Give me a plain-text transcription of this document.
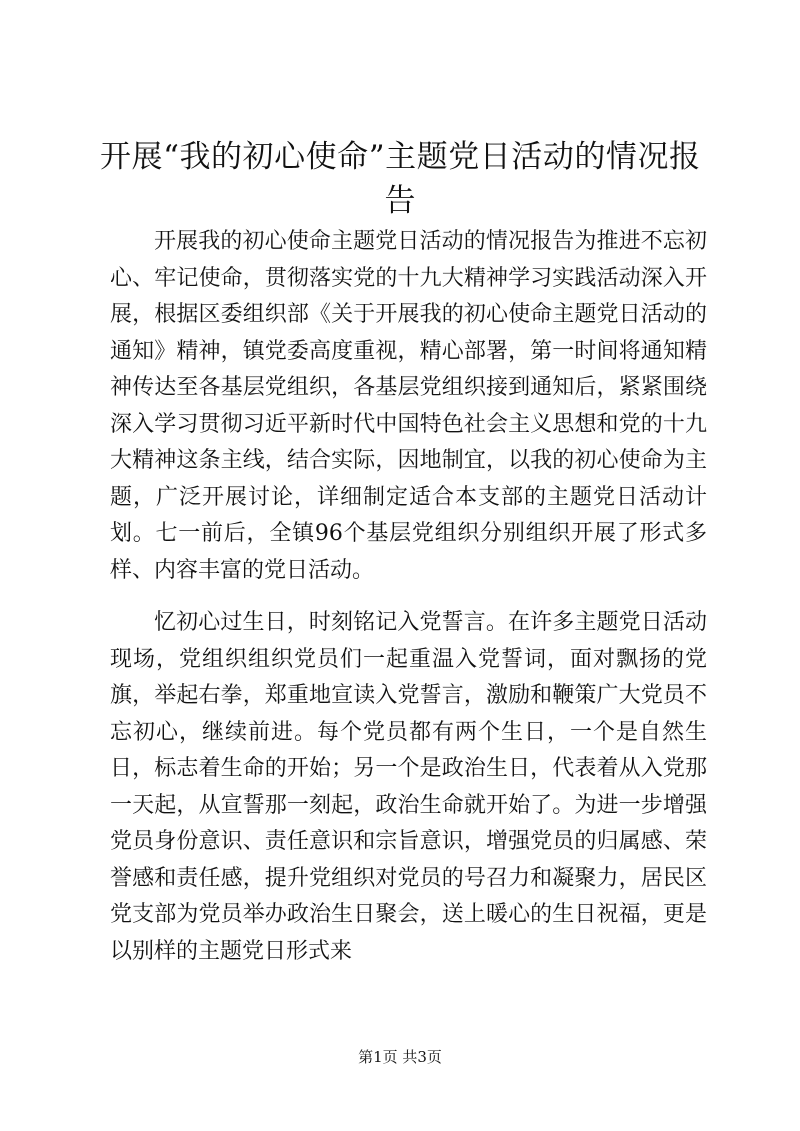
开展“我的初心使命”主题党日活动的情况报告

开展我的初心使命主题党日活动的情况报告为推进不忘初心、牢记使命，贯彻落实党的十九大精神学习实践活动深入开展，根据区委组织部《关于开展我的初心使命主题党日活动的通知》精神，镇党委高度重视，精心部署，第一时间将通知精神传达至各基层党组织，各基层党组织接到通知后，紧紧围绕深入学习贯彻习近平新时代中国特色社会主义思想和党的十九大精神这条主线，结合实际，因地制宜，以我的初心使命为主题，广泛开展讨论，详细制定适合本支部的主题党日活动计划。七一前后，全镇96个基层党组织分别组织开展了形式多样、内容丰富的党日活动。

忆初心过生日，时刻铭记入党誓言。在许多主题党日活动现场，党组织组织党员们一起重温入党誓词，面对飘扬的党旗，举起右拳，郑重地宣读入党誓言，激励和鞭策广大党员不忘初心，继续前进。每个党员都有两个生日，一个是自然生日，标志着生命的开始；另一个是政治生日，代表着从入党那一天起，从宣誓那一刻起，政治生命就开始了。为进一步增强党员身份意识、责任意识和宗旨意识，增强党员的归属感、荣誉感和责任感，提升党组织对党员的号召力和凝聚力，居民区党支部为党员举办政治生日聚会，送上暖心的生日祝福，更是以别样的主题党日形式来

第1页 共3页
